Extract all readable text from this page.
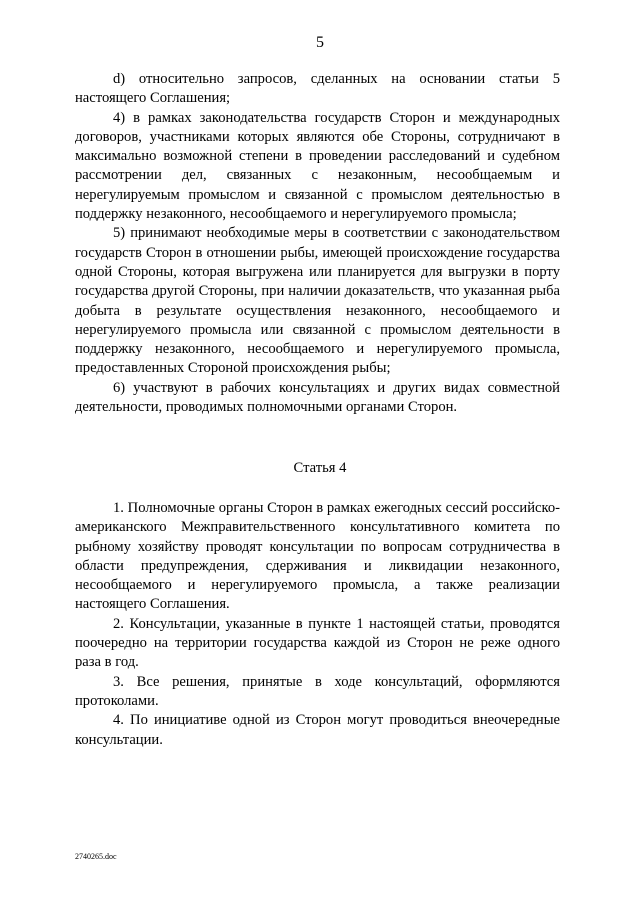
5

d) относительно запросов, сделанных на основании статьи 5 настоящего Соглашения;

4) в рамках законодательства государств Сторон и международных договоров, участниками которых являются обе Стороны, сотрудничают в максимально возможной степени в проведении расследований и судебном рассмотрении дел, связанных с незаконным, несообщаемым и нерегулируемым промыслом и связанной с промыслом деятельностью в поддержку незаконного, несообщаемого и нерегулируемого промысла;

5) принимают необходимые меры в соответствии с законодательством государств Сторон в отношении рыбы, имеющей происхождение государства одной Стороны, которая выгружена или планируется для выгрузки в порту государства другой Стороны, при наличии доказательств, что указанная рыба добыта в результате осуществления незаконного, несообщаемого и нерегулируемого промысла или связанной с промыслом деятельности в поддержку незаконного, несообщаемого и нерегулируемого промысла, предоставленных Стороной происхождения рыбы;

6) участвуют в рабочих консультациях и других видах совместной деятельности, проводимых полномочными органами Сторон.

Статья 4

1. Полномочные органы Сторон в рамках ежегодных сессий российско-американского Межправительственного консультативного комитета по рыбному хозяйству проводят консультации по вопросам сотрудничества в области предупреждения, сдерживания и ликвидации незаконного, несообщаемого и нерегулируемого промысла, а также реализации настоящего Соглашения.

2. Консультации, указанные в пункте 1 настоящей статьи, проводятся поочередно на территории государства каждой из Сторон не реже одного раза в год.

3. Все решения, принятые в ходе консультаций, оформляются протоколами.

4. По инициативе одной из Сторон могут проводиться внеочередные консультации.

2740265.doc
